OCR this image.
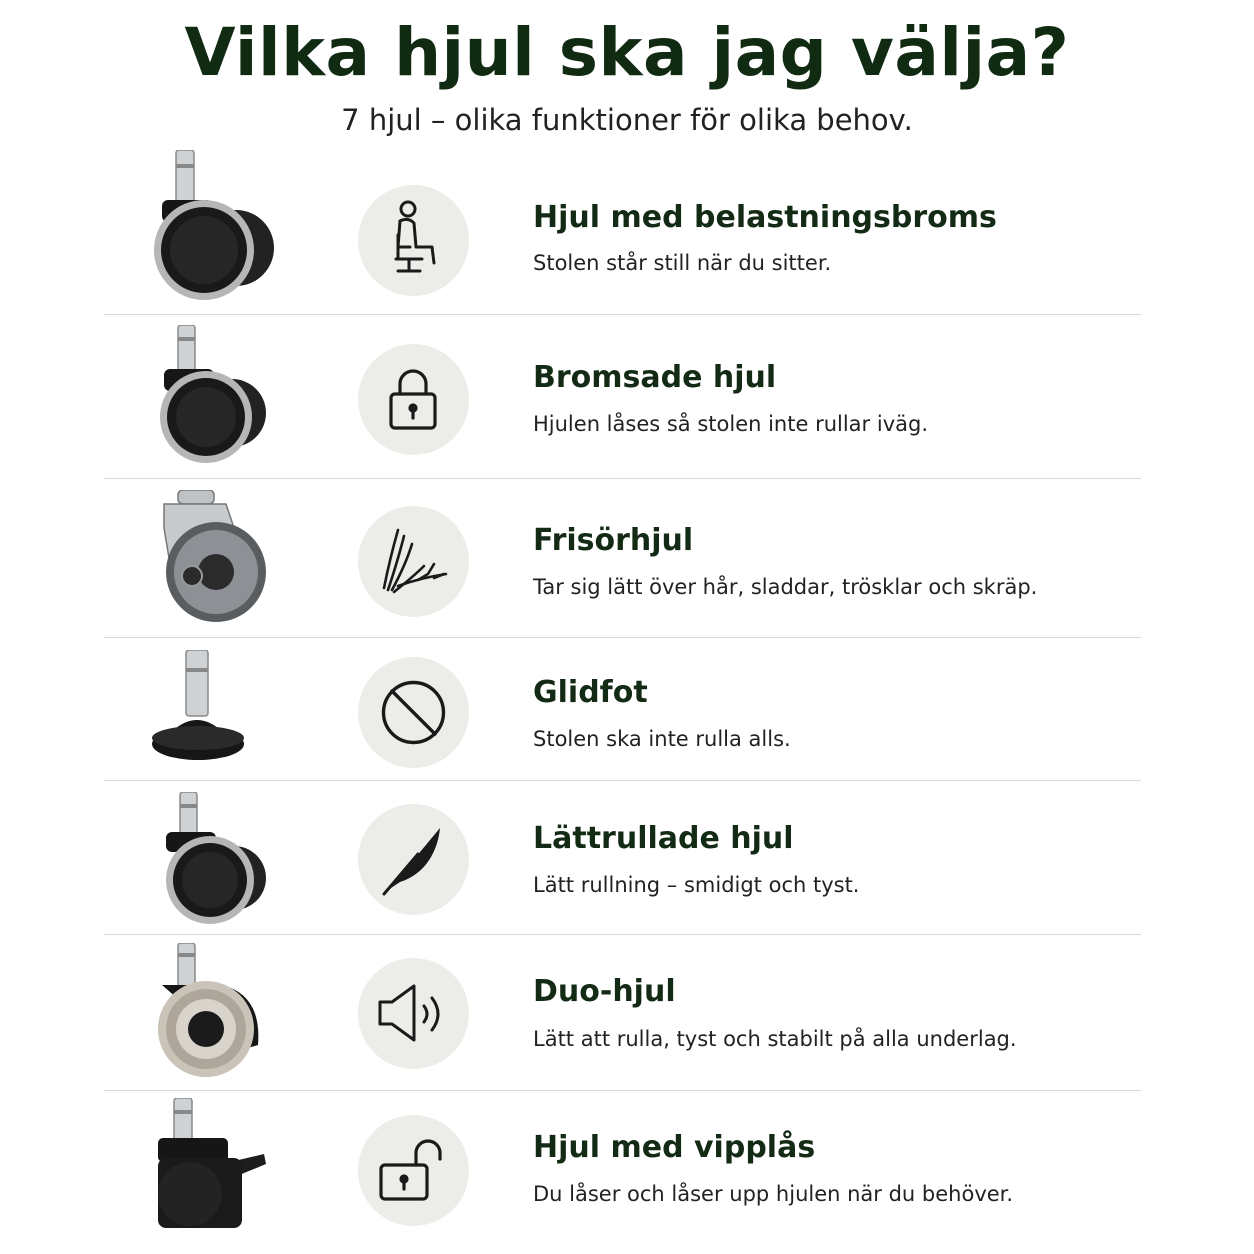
Vilka hjul ska jag välja?
7 hjul – olika funktioner för olika behov.
Hjul med belastningsbroms
Stolen står still när du sitter.
Bromsade hjul
Hjulen låses så stolen inte rullar iväg.
Frisörhjul
Tar sig lätt över hår, sladdar, trösklar och skräp.
Glidfot
Stolen ska inte rulla alls.
Lättrullade hjul
Lätt rullning – smidigt och tyst.
Duo-hjul
Lätt att rulla, tyst och stabilt på alla underlag.
Hjul med vipplås
Du låser och låser upp hjulen när du behöver.
